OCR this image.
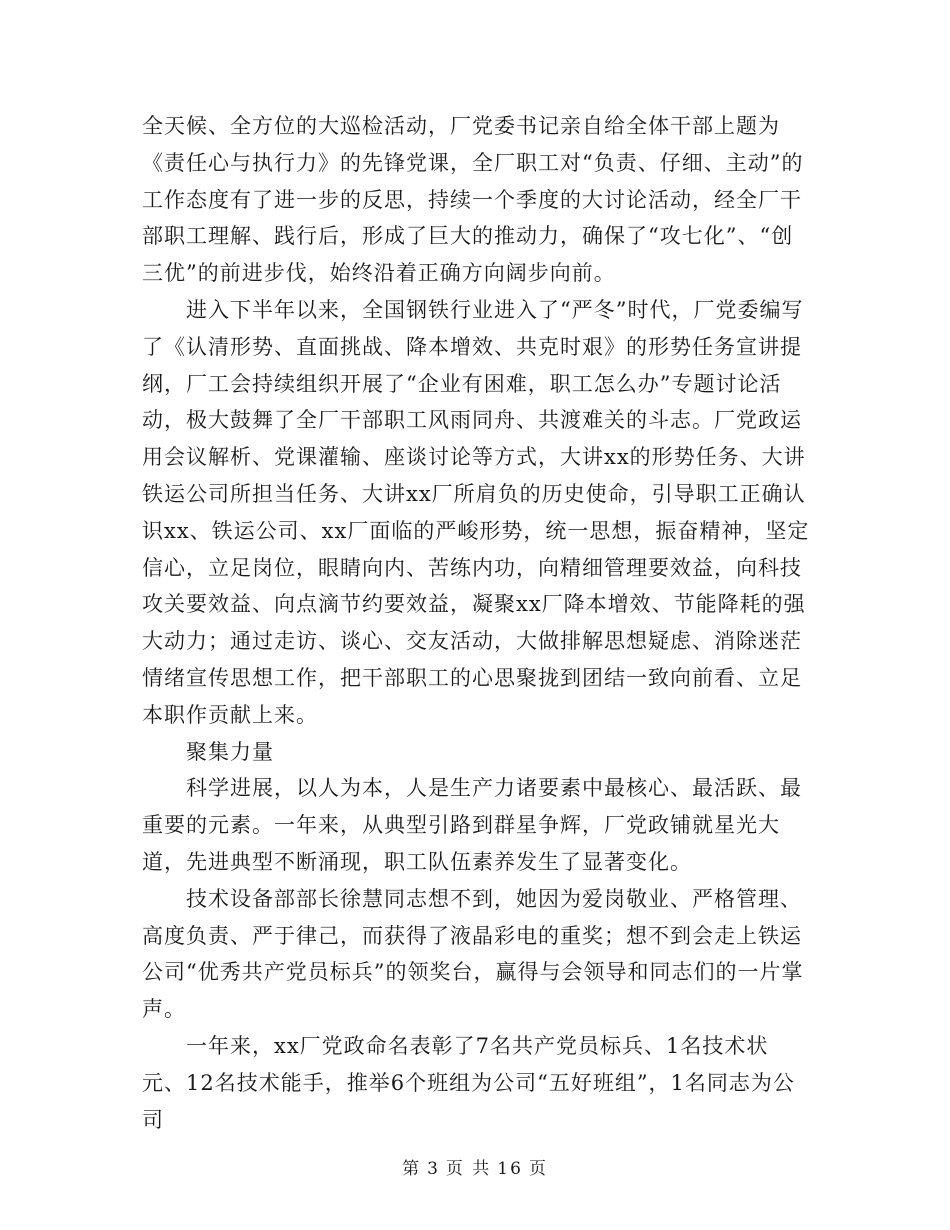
全天候、全方位的大巡检活动，厂党委书记亲自给全体干部上题为《责任心与执行力》的先锋党课，全厂职工对“负责、仔细、主动”的工作态度有了进一步的反思，持续一个季度的大讨论活动，经全厂干部职工理解、践行后，形成了巨大的推动力，确保了“攻七化”、“创三优”的前进步伐，始终沿着正确方向阔步向前。

进入下半年以来，全国钢铁行业进入了“严冬”时代，厂党委编写了《认清形势、直面挑战、降本增效、共克时艰》的形势任务宣讲提纲，厂工会持续组织开展了“企业有困难，职工怎么办”专题讨论活动，极大鼓舞了全厂干部职工风雨同舟、共渡难关的斗志。厂党政运用会议解析、党课灌输、座谈讨论等方式，大讲xx的形势任务、大讲铁运公司所担当任务、大讲xx厂所肩负的历史使命，引导职工正确认识xx、铁运公司、xx厂面临的严峻形势，统一思想，振奋精神，坚定信心，立足岗位，眼睛向内、苦练内功，向精细管理要效益，向科技攻关要效益、向点滴节约要效益，凝聚xx厂降本增效、节能降耗的强大动力；通过走访、谈心、交友活动，大做排解思想疑虑、消除迷茫情绪宣传思想工作，把干部职工的心思聚拢到团结一致向前看、立足本职作贡献上来。

聚集力量

科学进展，以人为本，人是生产力诸要素中最核心、最活跃、最重要的元素。一年来，从典型引路到群星争辉，厂党政铺就星光大道，先进典型不断涌现，职工队伍素养发生了显著变化。

技术设备部部长徐慧同志想不到，她因为爱岗敬业、严格管理、高度负责、严于律己，而获得了液晶彩电的重奖；想不到会走上铁运公司“优秀共产党员标兵”的领奖台，赢得与会领导和同志们的一片掌声。

一年来，xx厂党政命名表彰了7名共产党员标兵、1名技术状元、12名技术能手，推举6个班组为公司“五好班组”，1名同志为公司

第 3 页 共 16 页
